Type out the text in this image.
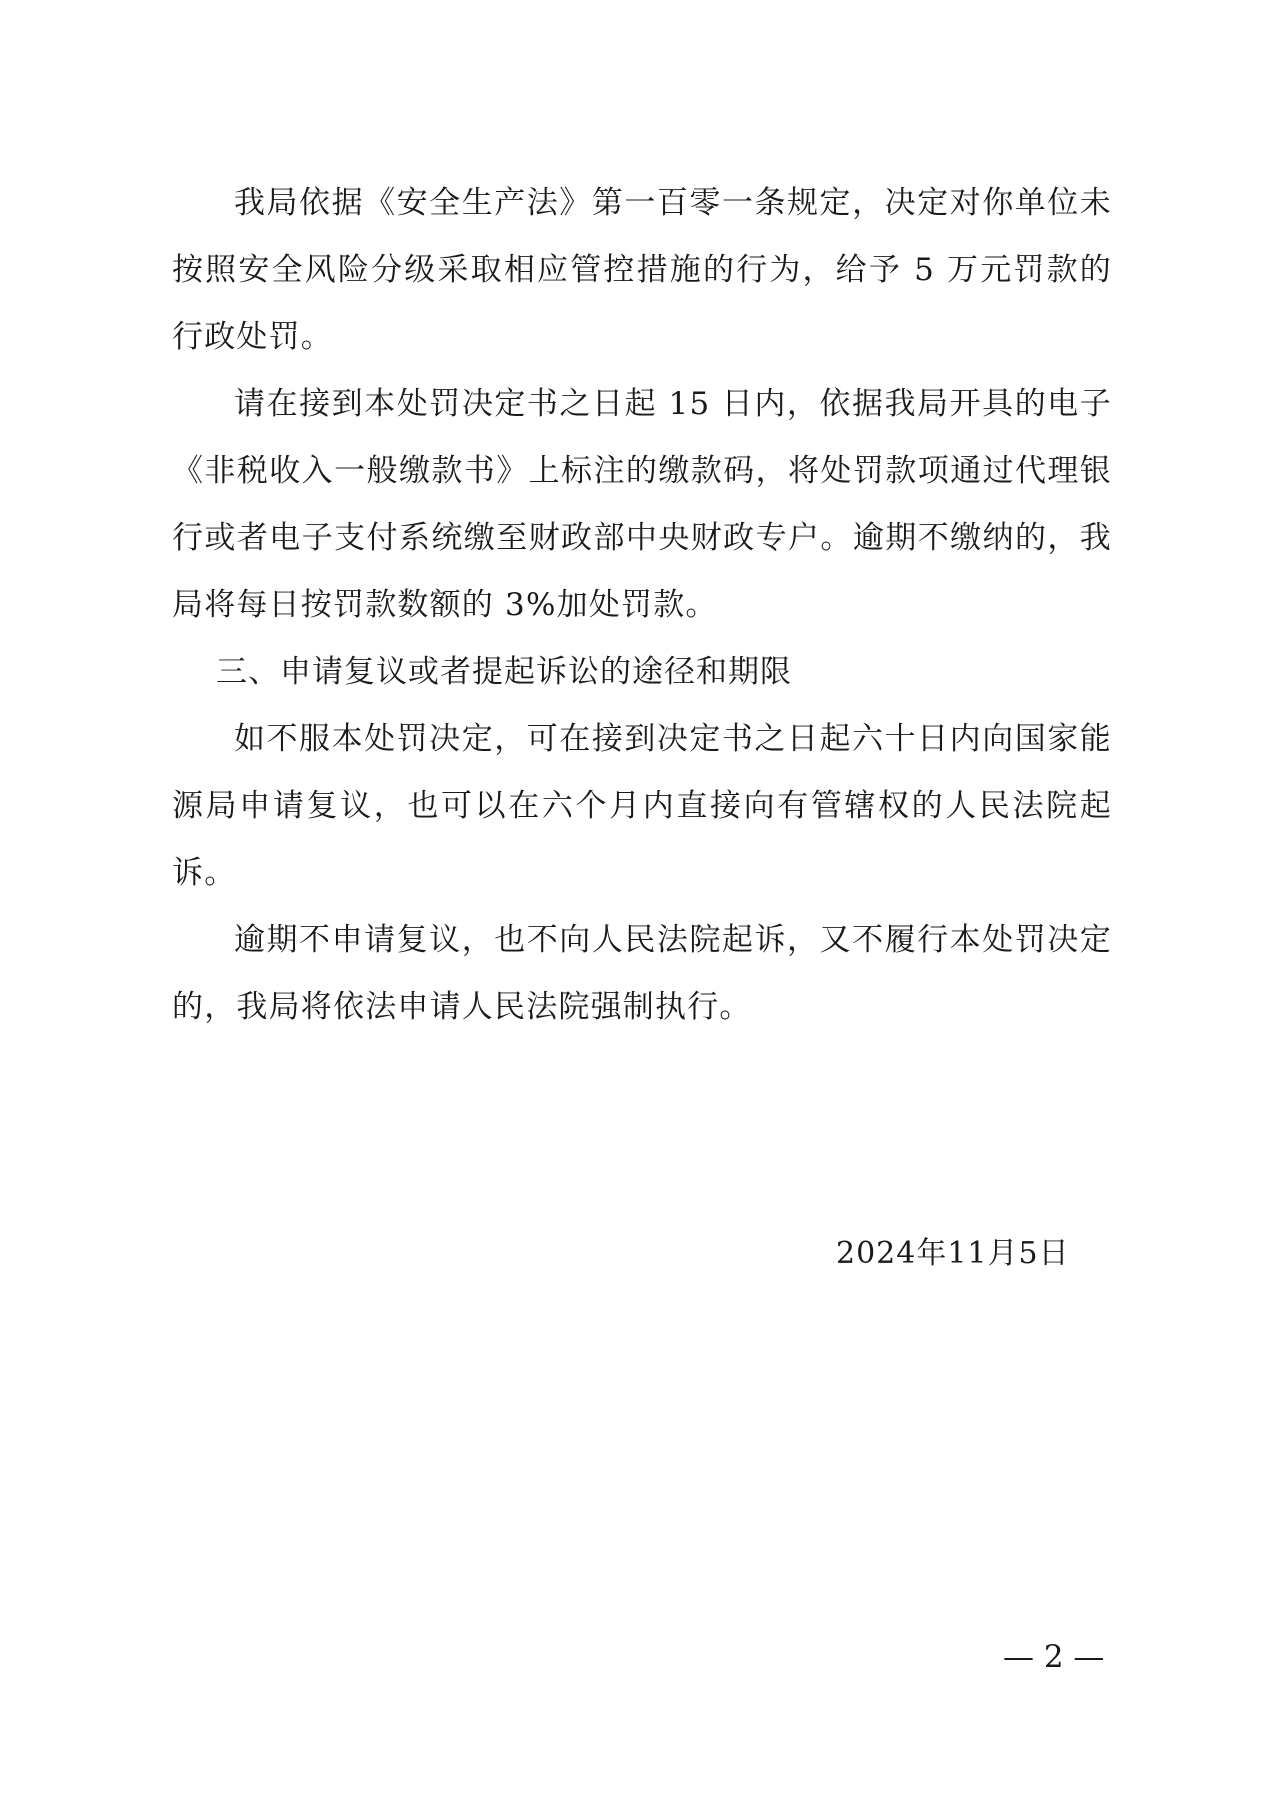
我局依据《安全生产法》第一百零一条规定，决定对你单位未按照安全风险分级采取相应管控措施的行为，给予 5 万元罚款的行政处罚。

请在接到本处罚决定书之日起 15 日内，依据我局开具的电子《非税收入一般缴款书》上标注的缴款码，将处罚款项通过代理银行或者电子支付系统缴至财政部中央财政专户。逾期不缴纳的，我局将每日按罚款数额的 3%加处罚款。

三、申请复议或者提起诉讼的途径和期限

如不服本处罚决定，可在接到决定书之日起六十日内向国家能源局申请复议，也可以在六个月内直接向有管辖权的人民法院起诉。

逾期不申请复议，也不向人民法院起诉，又不履行本处罚决定的，我局将依法申请人民法院强制执行。

2024年11月5日
— 2 —
